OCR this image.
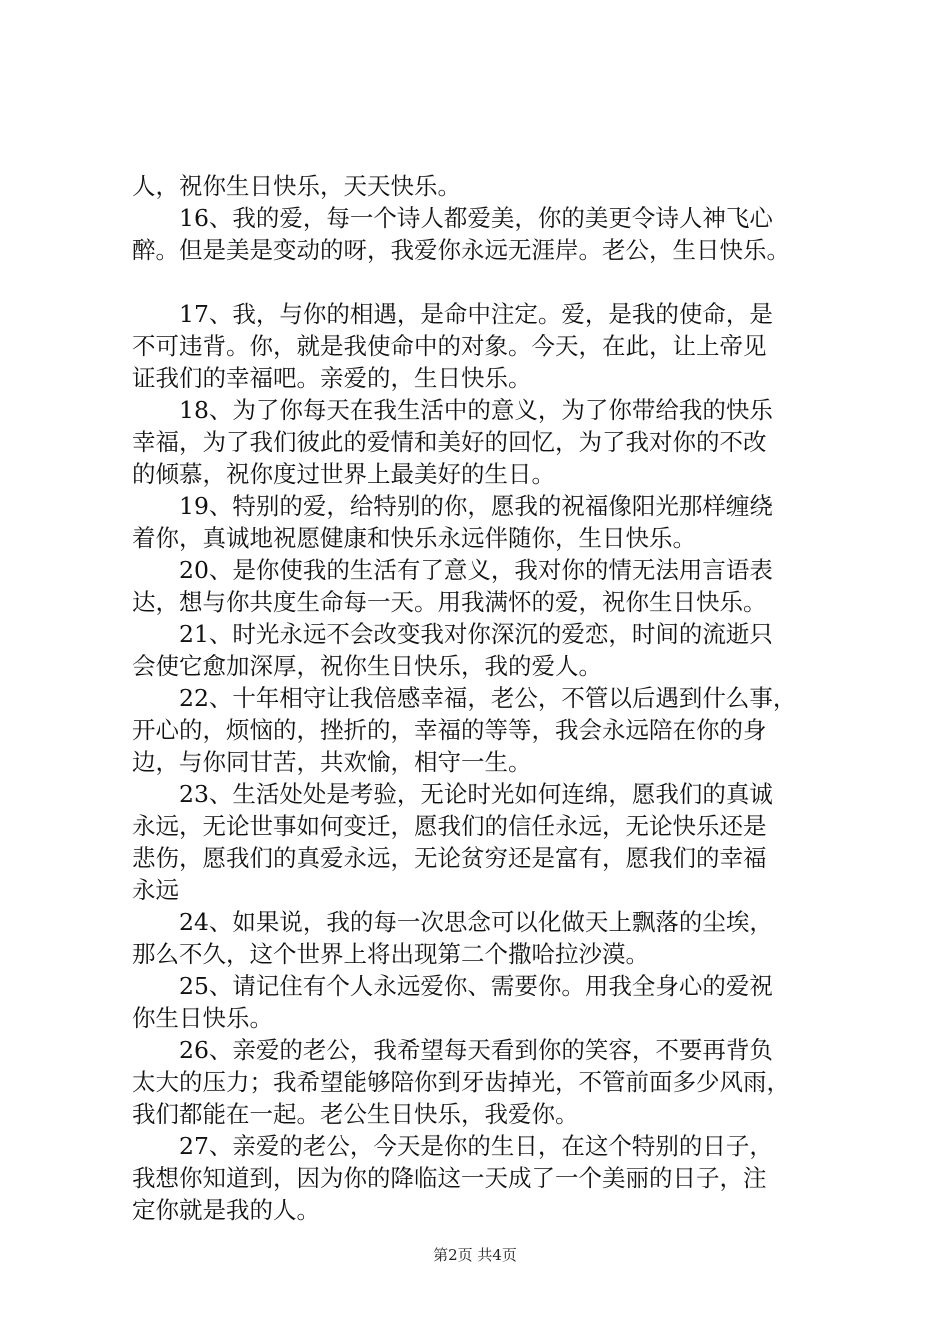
人，祝你生日快乐，天天快乐。
　　16、我的爱，每一个诗人都爱美，你的美更令诗人神飞心
醉。但是美是变动的呀，我爱你永远无涯岸。老公，生日快乐。
　　17、我，与你的相遇，是命中注定。爱，是我的使命，是
不可违背。你，就是我使命中的对象。今天，在此，让上帝见
证我们的幸福吧。亲爱的，生日快乐。
　　18、为了你每天在我生活中的意义，为了你带给我的快乐
幸福，为了我们彼此的爱情和美好的回忆，为了我对你的不改
的倾慕，祝你度过世界上最美好的生日。
　　19、特别的爱，给特别的你，愿我的祝福像阳光那样缠绕
着你，真诚地祝愿健康和快乐永远伴随你，生日快乐。
　　20、是你使我的生活有了意义，我对你的情无法用言语表
达，想与你共度生命每一天。用我满怀的爱，祝你生日快乐。
　　21、时光永远不会改变我对你深沉的爱恋，时间的流逝只
会使它愈加深厚，祝你生日快乐，我的爱人。
　　22、十年相守让我倍感幸福，老公，不管以后遇到什么事，
开心的，烦恼的，挫折的，幸福的等等，我会永远陪在你的身
边，与你同甘苦，共欢愉，相守一生。
　　23、生活处处是考验，无论时光如何连绵，愿我们的真诚
永远，无论世事如何变迁，愿我们的信任永远，无论快乐还是
悲伤，愿我们的真爱永远，无论贫穷还是富有，愿我们的幸福
永远
　　24、如果说，我的每一次思念可以化做天上飘落的尘埃，
那么不久，这个世界上将出现第二个撒哈拉沙漠。
　　25、请记住有个人永远爱你、需要你。用我全身心的爱祝
你生日快乐。
　　26、亲爱的老公，我希望每天看到你的笑容，不要再背负
太大的压力；我希望能够陪你到牙齿掉光，不管前面多少风雨，
我们都能在一起。老公生日快乐，我爱你。
　　27、亲爱的老公，今天是你的生日，在这个特别的日子，
我想你知道到，因为你的降临这一天成了一个美丽的日子，注
定你就是我的人。
第2页 共4页
